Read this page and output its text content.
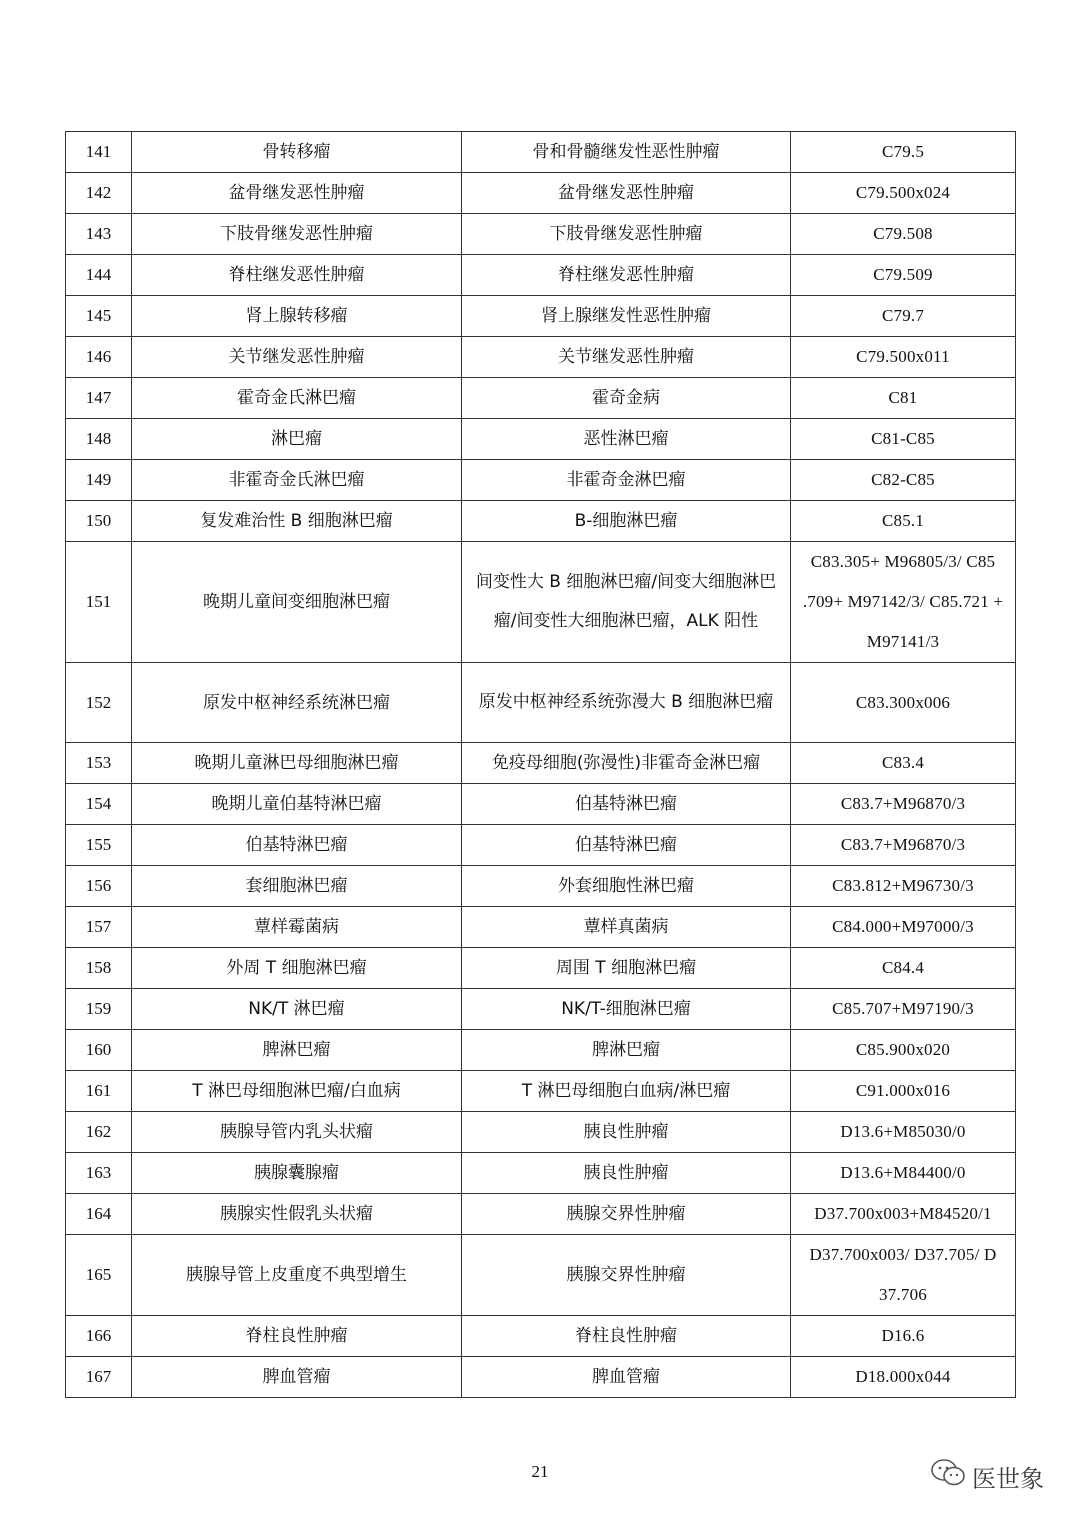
141	骨转移瘤	骨和骨髓继发性恶性肿瘤	C79.5
142	盆骨继发恶性肿瘤	盆骨继发恶性肿瘤	C79.500x024
143	下肢骨继发恶性肿瘤	下肢骨继发恶性肿瘤	C79.508
144	脊柱继发恶性肿瘤	脊柱继发恶性肿瘤	C79.509
145	肾上腺转移瘤	肾上腺继发性恶性肿瘤	C79.7
146	关节继发恶性肿瘤	关节继发恶性肿瘤	C79.500x011
147	霍奇金氏淋巴瘤	霍奇金病	C81
148	淋巴瘤	恶性淋巴瘤	C81-C85
149	非霍奇金氏淋巴瘤	非霍奇金淋巴瘤	C82-C85
150	复发难治性 B 细胞淋巴瘤	B-细胞淋巴瘤	C85.1
151	晚期儿童间变细胞淋巴瘤	间变性大 B 细胞淋巴瘤/间变大细胞淋巴瘤/间变性大细胞淋巴瘤，ALK 阳性	C83.305+ M96805/3/ C85 .709+ M97142/3/ C85.721 + M97141/3
152	原发中枢神经系统淋巴瘤	原发中枢神经系统弥漫大 B 细胞淋巴瘤	C83.300x006
153	晚期儿童淋巴母细胞淋巴瘤	免疫母细胞(弥漫性)非霍奇金淋巴瘤	C83.4
154	晚期儿童伯基特淋巴瘤	伯基特淋巴瘤	C83.7+M96870/3
155	伯基特淋巴瘤	伯基特淋巴瘤	C83.7+M96870/3
156	套细胞淋巴瘤	外套细胞性淋巴瘤	C83.812+M96730/3
157	蕈样霉菌病	蕈样真菌病	C84.000+M97000/3
158	外周 T 细胞淋巴瘤	周围 T 细胞淋巴瘤	C84.4
159	NK/T 淋巴瘤	NK/T-细胞淋巴瘤	C85.707+M97190/3
160	脾淋巴瘤	脾淋巴瘤	C85.900x020
161	T 淋巴母细胞淋巴瘤/白血病	T 淋巴母细胞白血病/淋巴瘤	C91.000x016
162	胰腺导管内乳头状瘤	胰良性肿瘤	D13.6+M85030/0
163	胰腺囊腺瘤	胰良性肿瘤	D13.6+M84400/0
164	胰腺实性假乳头状瘤	胰腺交界性肿瘤	D37.700x003+M84520/1
165	胰腺导管上皮重度不典型增生	胰腺交界性肿瘤	D37.700x003/ D37.705/ D 37.706
166	脊柱良性肿瘤	脊柱良性肿瘤	D16.6
167	脾血管瘤	脾血管瘤	D18.000x044
21	医世象
